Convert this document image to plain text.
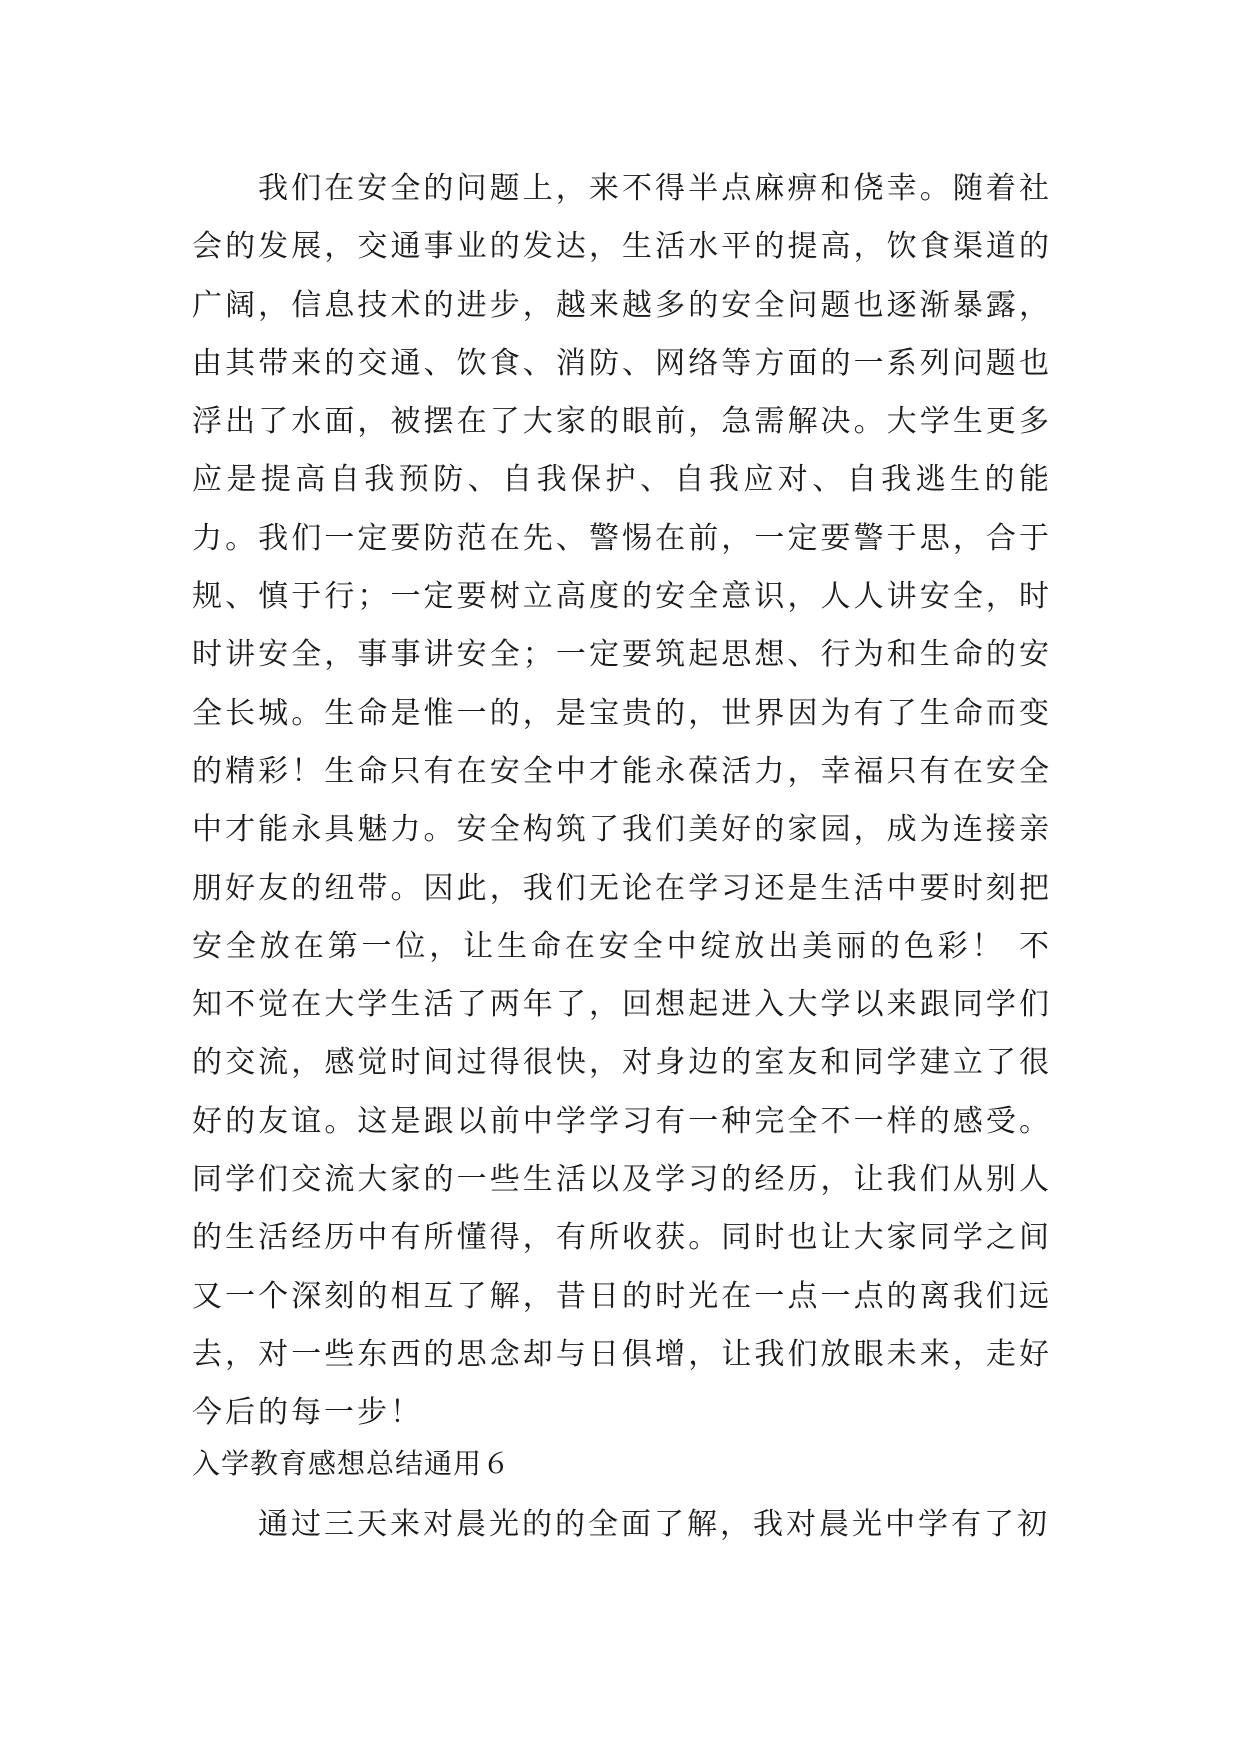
我们在安全的问题上，来不得半点麻痹和侥幸。随着社会的发展，交通事业的发达，生活水平的提高，饮食渠道的广阔，信息技术的进步，越来越多的安全问题也逐渐暴露，由其带来的交通、饮食、消防、网络等方面的一系列问题也浮出了水面，被摆在了大家的眼前，急需解决。大学生更多应是提高自我预防、自我保护、自我应对、自我逃生的能力。我们一定要防范在先、警惕在前，一定要警于思，合于规、慎于行；一定要树立高度的安全意识，人人讲安全，时时讲安全，事事讲安全；一定要筑起思想、行为和生命的安全长城。生命是惟一的，是宝贵的，世界因为有了生命而变的精彩！生命只有在安全中才能永葆活力，幸福只有在安全中才能永具魅力。安全构筑了我们美好的家园，成为连接亲朋好友的纽带。因此，我们无论在学习还是生活中要时刻把安全放在第一位，让生命在安全中绽放出美丽的色彩！ 不知不觉在大学生活了两年了，回想起进入大学以来跟同学们的交流，感觉时间过得很快，对身边的室友和同学建立了很好的友谊。这是跟以前中学学习有一种完全不一样的感受。同学们交流大家的一些生活以及学习的经历，让我们从别人的生活经历中有所懂得，有所收获。同时也让大家同学之间又一个深刻的相互了解，昔日的时光在一点一点的离我们远去，对一些东西的思念却与日俱增，让我们放眼未来，走好今后的每一步！

入学教育感想总结通用６

通过三天来对晨光的的全面了解，我对晨光中学有了初
